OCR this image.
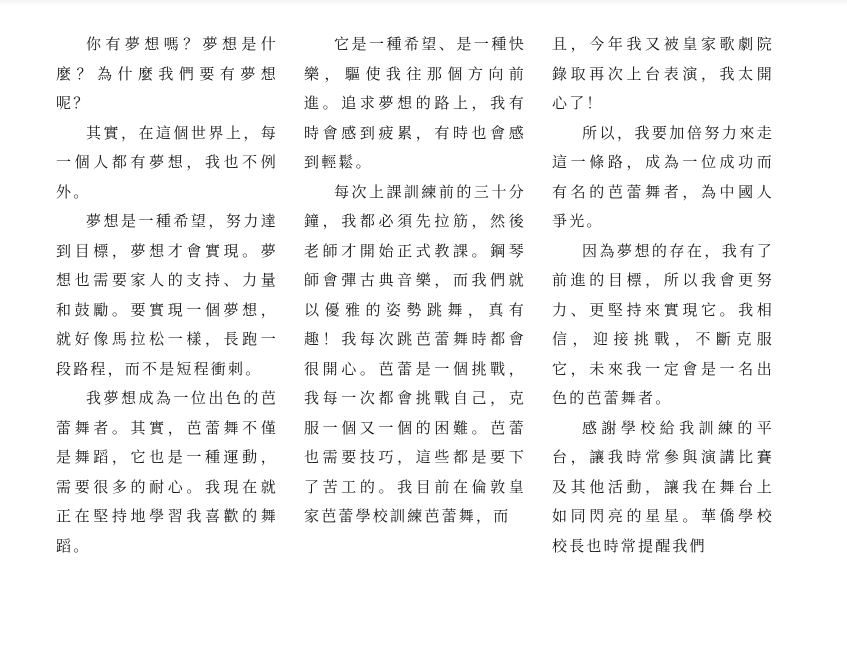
你有夢想嗎？夢想是什麼？為什麼我們要有夢想呢？

其實，在這個世界上，每一個人都有夢想，我也不例外。

夢想是一種希望，努力達到目標，夢想才會實現。夢想也需要家人的支持、力量和鼓勵。要實現一個夢想，就好像馬拉松一樣，長跑一段路程，而不是短程衝刺。

我夢想成為一位出色的芭蕾舞者。其實，芭蕾舞不僅是舞蹈，它也是一種運動，需要很多的耐心。我現在就正在堅持地學習我喜歡的舞蹈。

它是一種希望、是一種快樂，驅使我往那個方向前進。追求夢想的路上，我有時會感到疲累，有時也會感到輕鬆。

每次上課訓練前的三十分鐘，我都必須先拉筋，然後老師才開始正式教課。鋼琴師會彈古典音樂，而我們就以優雅的姿勢跳舞，真有趣！我每次跳芭蕾舞時都會很開心。芭蕾是一個挑戰，我每一次都會挑戰自己，克服一個又一個的困難。芭蕾也需要技巧，這些都是要下了苦工的。我目前在倫敦皇家芭蕾學校訓練芭蕾舞，而

且，今年我又被皇家歌劇院錄取再次上台表演，我太開心了！

所以，我要加倍努力來走這一條路，成為一位成功而有名的芭蕾舞者，為中國人爭光。

因為夢想的存在，我有了前進的目標，所以我會更努力、更堅持來實現它。我相信，迎接挑戰，不斷克服它，未來我一定會是一名出色的芭蕾舞者。

感謝學校給我訓練的平台，讓我時常參與演講比賽及其他活動，讓我在舞台上如同閃亮的星星。華僑學校校長也時常提醒我們
